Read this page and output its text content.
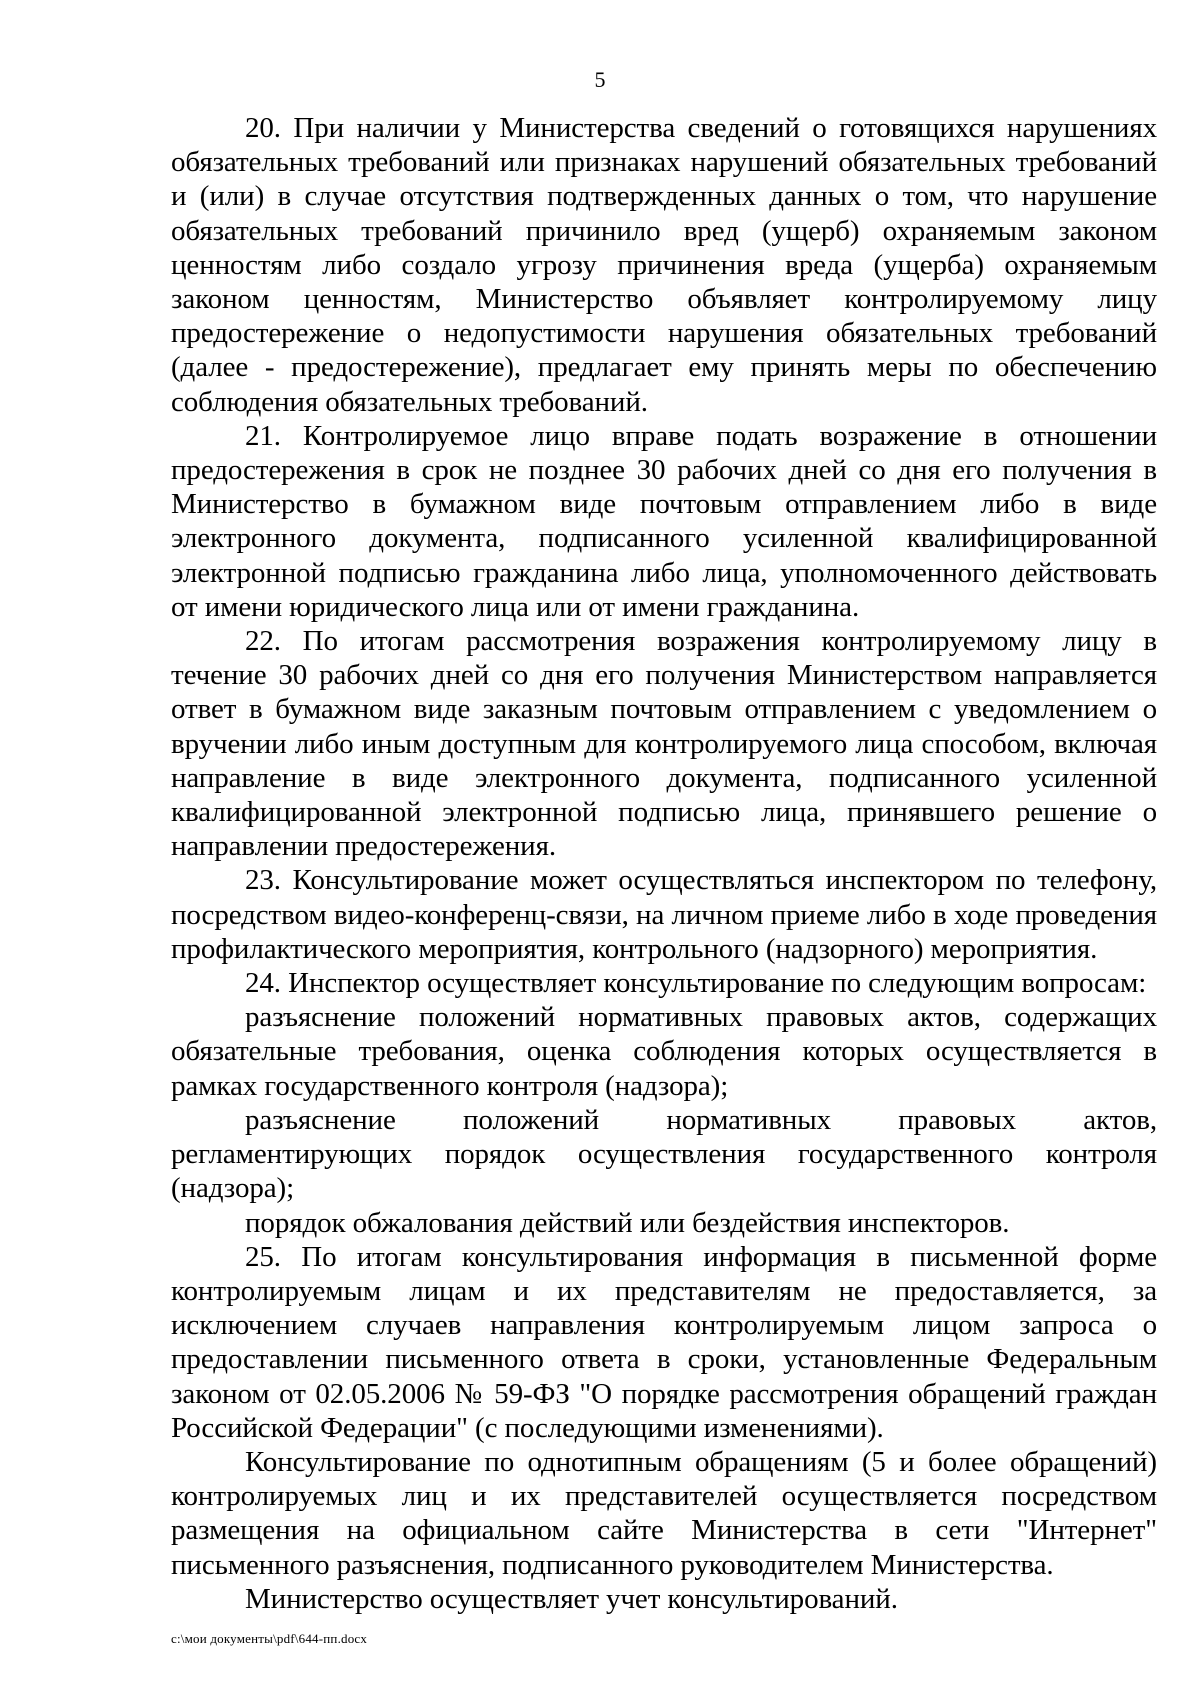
5

20. При наличии у Министерства сведений о готовящихся нарушениях обязательных требований или признаках нарушений обязательных требований и (или) в случае отсутствия подтвержденных данных о том, что нарушение обязательных требований причинило вред (ущерб) охраняемым законом ценностям либо создало угрозу причинения вреда (ущерба) охраняемым законом ценностям, Министерство объявляет контролируемому лицу предостережение о недопустимости нарушения обязательных требований (далее - предостережение), предлагает ему принять меры по обеспечению соблюдения обязательных требований.

21. Контролируемое лицо вправе подать возражение в отношении предостережения в срок не позднее 30 рабочих дней со дня его получения в Министерство в бумажном виде почтовым отправлением либо в виде электронного документа, подписанного усиленной квалифицированной электронной подписью гражданина либо лица, уполномоченного действовать от имени юридического лица или от имени гражданина.

22. По итогам рассмотрения возражения контролируемому лицу в течение 30 рабочих дней со дня его получения Министерством направляется ответ в бумажном виде заказным почтовым отправлением с уведомлением о вручении либо иным доступным для контролируемого лица способом, включая направление в виде электронного документа, подписанного усиленной квалифицированной электронной подписью лица, принявшего решение о направлении предостережения.

23. Консультирование может осуществляться инспектором по телефону, посредством видео-конференц-связи, на личном приеме либо в ходе проведения профилактического мероприятия, контрольного (надзорного) мероприятия.

24. Инспектор осуществляет консультирование по следующим вопросам:

разъяснение положений нормативных правовых актов, содержащих обязательные требования, оценка соблюдения которых осуществляется в рамках государственного контроля (надзора);

разъяснение положений нормативных правовых актов, регламентирующих порядок осуществления государственного контроля (надзора);

порядок обжалования действий или бездействия инспекторов.

25. По итогам консультирования информация в письменной форме контролируемым лицам и их представителям не предоставляется, за исключением случаев направления контролируемым лицом запроса о предоставлении письменного ответа в сроки, установленные Федеральным законом от 02.05.2006 № 59-ФЗ "О порядке рассмотрения обращений граждан Российской Федерации" (с последующими изменениями).

Консультирование по однотипным обращениям (5 и более обращений) контролируемых лиц и их представителей осуществляется посредством размещения на официальном сайте Министерства в сети "Интернет" письменного разъяснения, подписанного руководителем Министерства.

Министерство осуществляет учет консультирований.

c:\мои документы\pdf\644-пп.docx
